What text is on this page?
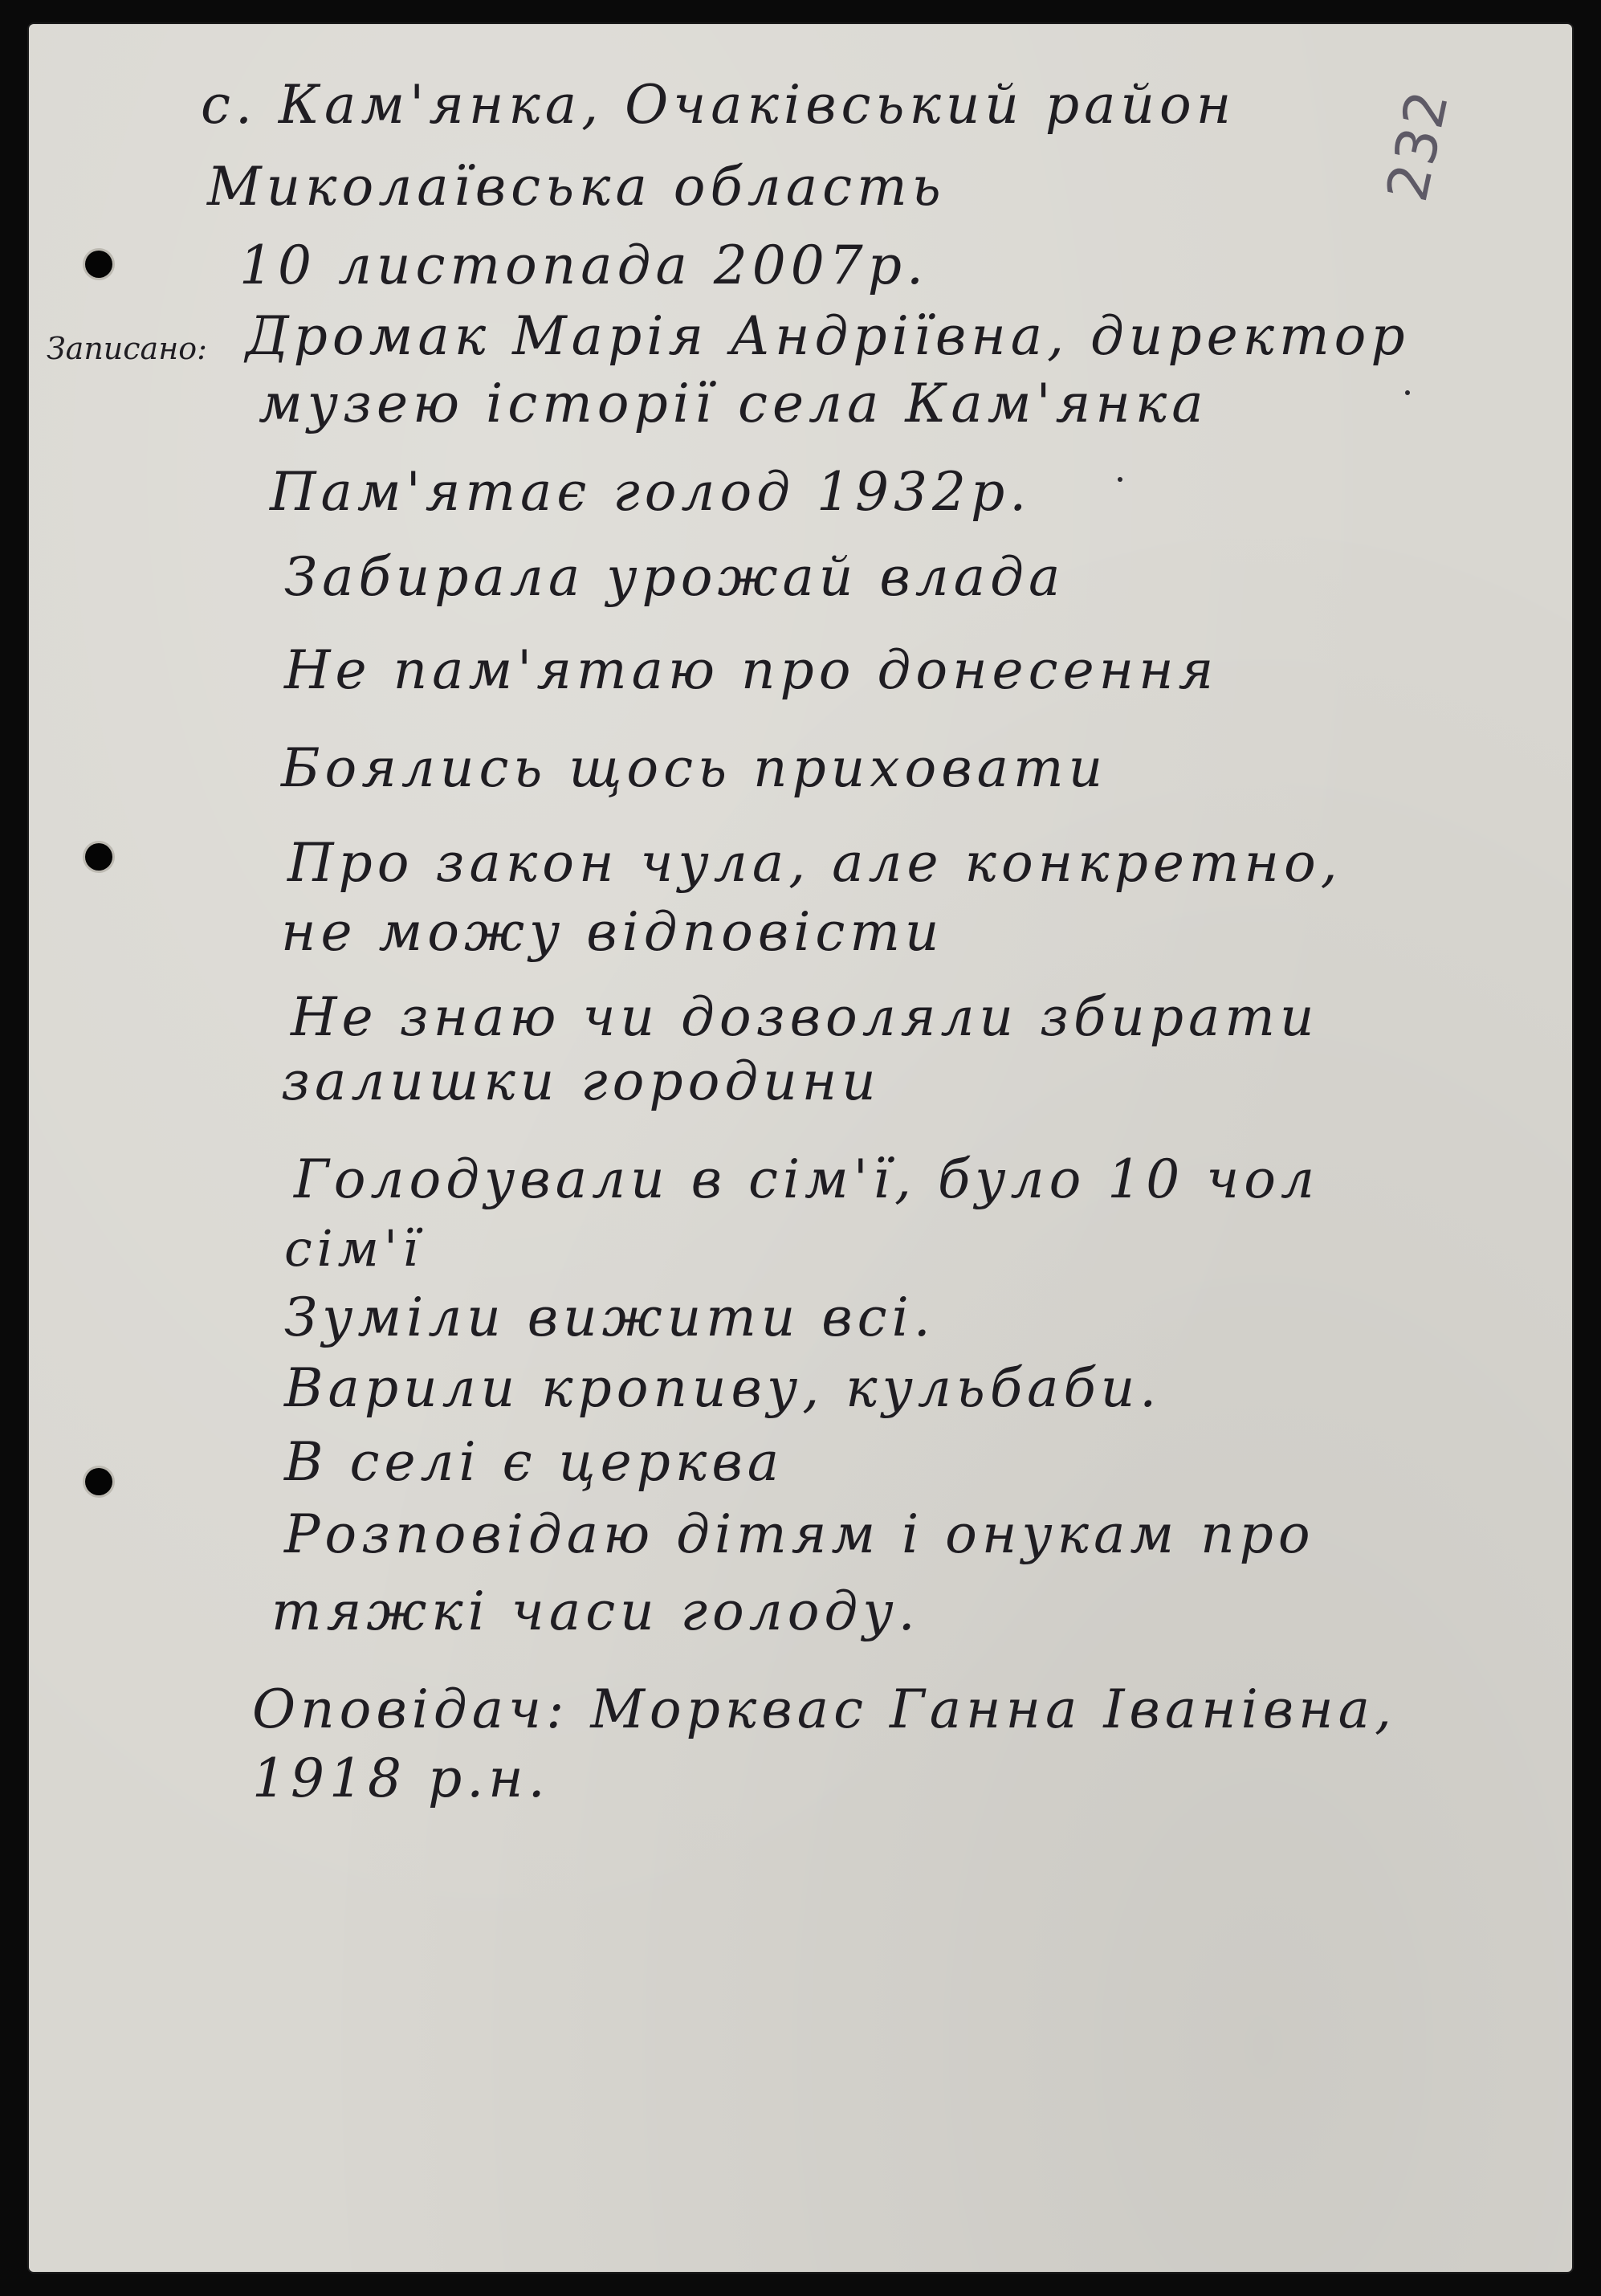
232
Записано:
с. Кам'янка, Очаківський район
Миколаївська область
10 листопада 2007р.
Дромак Марія Андріївна, директор
музею історії села Кам'янка
Пам'ятає голод 1932р.
Забирала урожай влада
Не пам'ятаю про донесення
Боялись щось приховати
Про закон чула, але конкретно,
не можу відповісти
Не знаю чи дозволяли збирати
залишки городини
Голодували в сім'ї, було 10 чол
сім'ї
Зуміли вижити всі.
Варили кропиву, кульбаби.
В селі є церква
Розповідаю дітям і онукам про
тяжкі часи голоду.
Оповідач: Морквас Ганна Іванівна,
1918 р.н.
